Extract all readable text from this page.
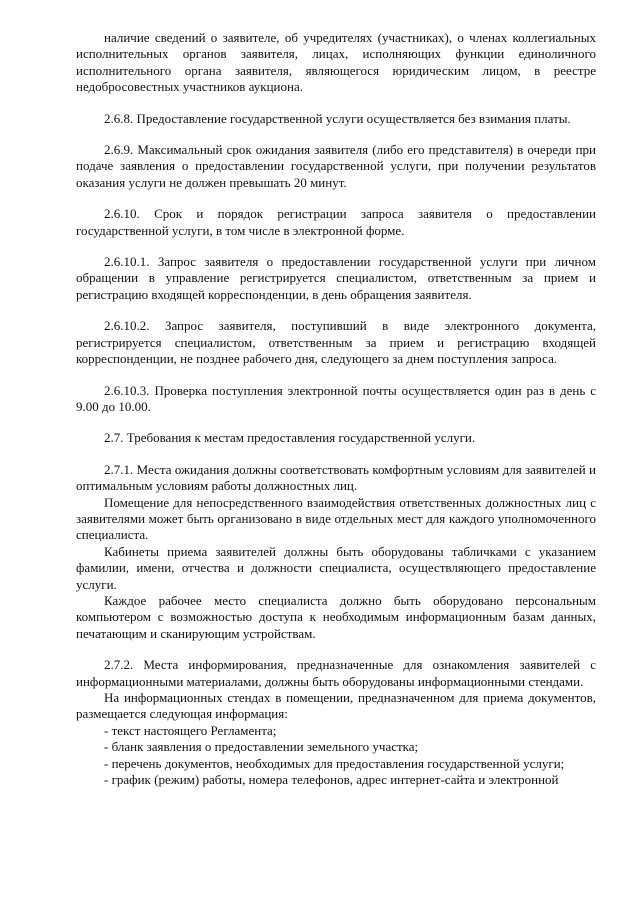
наличие сведений о заявителе, об учредителях (участниках), о членах коллегиальных исполнительных органов заявителя, лицах, исполняющих функции единоличного исполнительного органа заявителя, являющегося юридическим лицом, в реестре недобросовестных участников аукциона.

2.6.8. Предоставление государственной услуги осуществляется без взимания платы.

2.6.9. Максимальный срок ожидания заявителя (либо его представителя) в очереди при подаче заявления о предоставлении государственной услуги, при получении результатов оказания услуги не должен превышать 20 минут.

2.6.10. Срок и порядок регистрации запроса заявителя о предоставлении государственной услуги, в том числе в электронной форме.

2.6.10.1. Запрос заявителя о предоставлении государственной услуги при личном обращении в управление регистрируется специалистом, ответственным за прием и регистрацию входящей корреспонденции, в день обращения заявителя.

2.6.10.2. Запрос заявителя, поступивший в виде электронного документа, регистрируется специалистом, ответственным за прием и регистрацию входящей корреспонденции, не позднее рабочего дня, следующего за днем поступления запроса.

2.6.10.3. Проверка поступления электронной почты осуществляется один раз в день с 9.00 до 10.00.

2.7. Требования к местам предоставления государственной услуги.

2.7.1. Места ожидания должны соответствовать комфортным условиям для заявителей и оптимальным условиям работы должностных лиц.

Помещение для непосредственного взаимодействия ответственных должностных лиц с заявителями может быть организовано в виде отдельных мест для каждого уполномоченного специалиста.

Кабинеты приема заявителей должны быть оборудованы табличками с указанием фамилии, имени, отчества и должности специалиста, осуществляющего предоставление услуги.

Каждое рабочее место специалиста должно быть оборудовано персональным компьютером с возможностью доступа к необходимым информационным базам данных, печатающим и сканирующим устройствам.

2.7.2. Места информирования, предназначенные для ознакомления заявителей с информационными материалами, должны быть оборудованы информационными стендами.

На информационных стендах в помещении, предназначенном для приема документов, размещается следующая информация:

- текст настоящего Регламента;

- бланк заявления о предоставлении земельного участка;

- перечень документов, необходимых для предоставления государственной услуги;

- график (режим) работы, номера телефонов, адрес интернет-сайта и электронной
